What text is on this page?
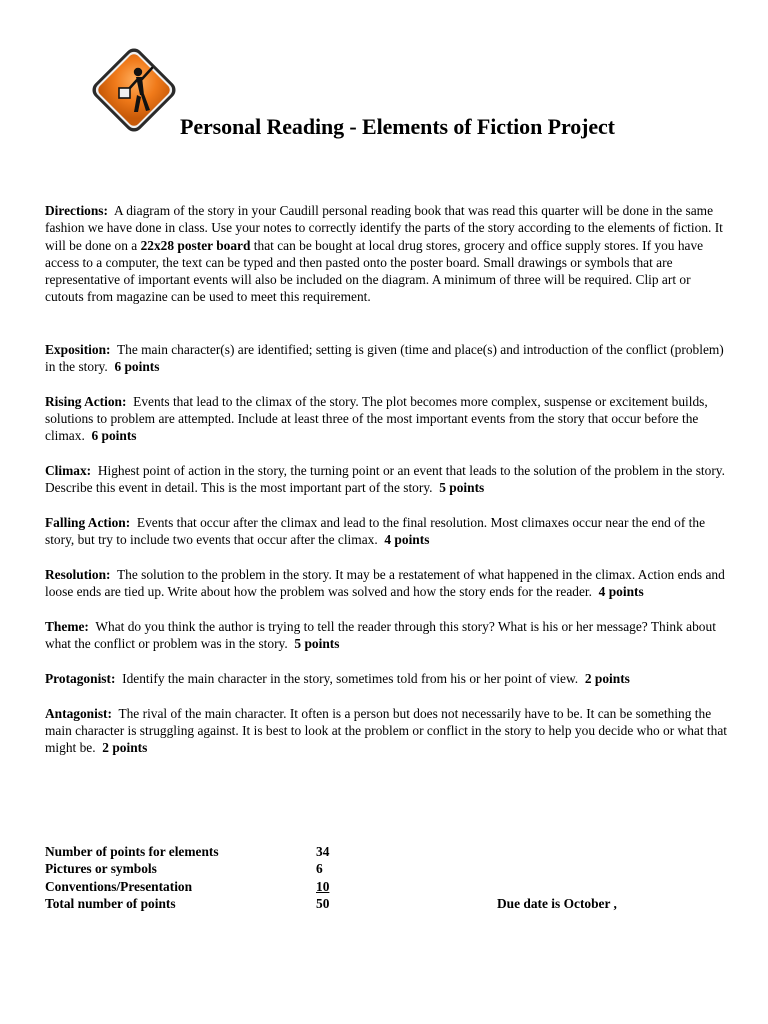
Personal Reading - Elements of Fiction Project

Directions: A diagram of the story in your Caudill personal reading book that was read this quarter will be done in the same fashion we have done in class. Use your notes to correctly identify the parts of the story according to the elements of fiction. It will be done on a 22x28 poster board that can be bought at local drug stores, grocery and office supply stores. If you have access to a computer, the text can be typed and then pasted onto the poster board. Small drawings or symbols that are representative of important events will also be included on the diagram. A minimum of three will be required. Clip art or cutouts from magazine can be used to meet this requirement.

Exposition: The main character(s) are identified; setting is given (time and place(s) and introduction of the conflict (problem) in the story. 6 points

Rising Action: Events that lead to the climax of the story. The plot becomes more complex, suspense or excitement builds, solutions to problem are attempted. Include at least three of the most important events from the story that occur before the climax. 6 points

Climax: Highest point of action in the story, the turning point or an event that leads to the solution of the problem in the story. Describe this event in detail. This is the most important part of the story. 5 points

Falling Action: Events that occur after the climax and lead to the final resolution. Most climaxes occur near the end of the story, but try to include two events that occur after the climax. 4 points

Resolution: The solution to the problem in the story. It may be a restatement of what happened in the climax. Action ends and loose ends are tied up. Write about how the problem was solved and how the story ends for the reader. 4 points

Theme: What do you think the author is trying to tell the reader through this story? What is his or her message? Think about what the conflict or problem was in the story. 5 points

Protagonist: Identify the main character in the story, sometimes told from his or her point of view. 2 points

Antagonist: The rival of the main character. It often is a person but does not necessarily have to be. It can be something the main character is struggling against. It is best to look at the problem or conflict in the story to help you decide who or what that might be. 2 points

Number of points for elements	34
Pictures or symbols	6
Conventions/Presentation	10
Total number of points	50	Due date is October ,
